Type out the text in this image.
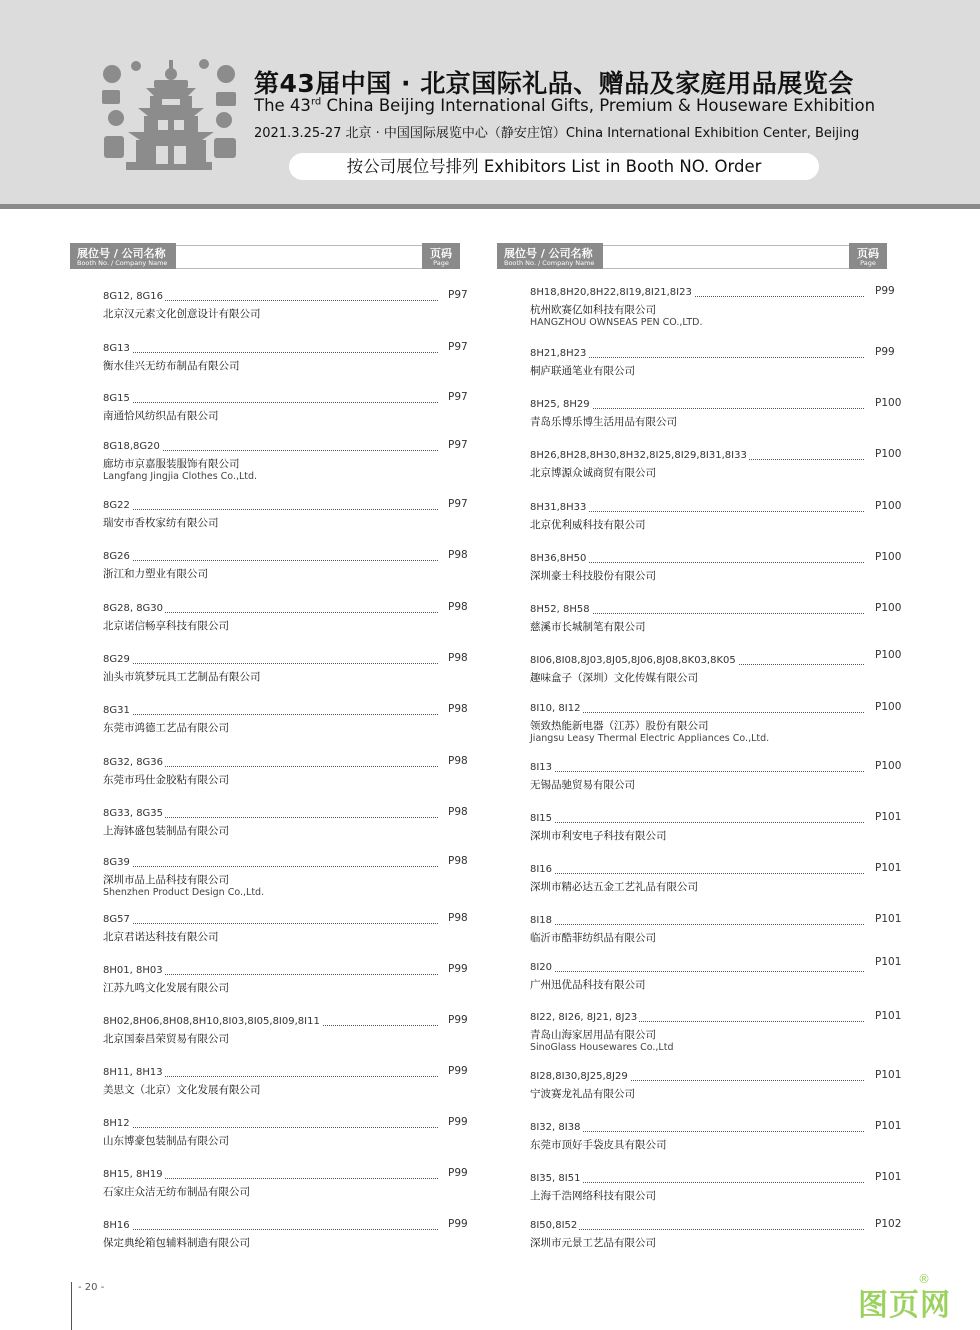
第43届中国 · 北京国际礼品、赠品及家庭用品展览会
The 43rd China Beijing International Gifts, Premium & Houseware Exhibition
2021.3.25-27 北京 · 中国国际展览中心（静安庄馆）China International Exhibition Center, Beijing
按公司展位号排列 Exhibitors List in Booth NO. Order
展位号 / 公司名称
Booth No. / Company Name
页码
Page
展位号 / 公司名称
Booth No. / Company Name
页码
Page
8G12, 8G16	P97
北京汉元素文化创意设计有限公司
8G13	P97
衡水佳兴无纺布制品有限公司
8G15	P97
南通恰风纺织品有限公司
8G18,8G20	P97
廊坊市京嘉服装服饰有限公司
Langfang Jingjia Clothes Co.,Ltd.
8G22	P97
瑞安市香枚家纺有限公司
8G26	P98
浙江和力塑业有限公司
8G28, 8G30	P98
北京诺信畅享科技有限公司
8G29	P98
汕头市筑梦玩具工艺制品有限公司
8G31	P98
东莞市鸿德工艺品有限公司
8G32, 8G36	P98
东莞市玛仕金胶粘有限公司
8G33, 8G35	P98
上海钵盛包装制品有限公司
8G39	P98
深圳市品上品科技有限公司
Shenzhen Product Design Co.,Ltd.
8G57	P98
北京君诺达科技有限公司
8H01, 8H03	P99
江苏九鸣文化发展有限公司
8H02,8H06,8H08,8H10,8I03,8I05,8I09,8I11	P99
北京国泰昌荣贸易有限公司
8H11, 8H13	P99
美思文（北京）文化发展有限公司
8H12	P99
山东博豪包装制品有限公司
8H15, 8H19	P99
石家庄众洁无纺布制品有限公司
8H16	P99
保定典纶箱包辅料制造有限公司
8H18,8H20,8H22,8I19,8I21,8I23	P99
杭州欧赛亿如科技有限公司
HANGZHOU OWNSEAS PEN CO.,LTD.
8H21,8H23	P99
桐庐联通笔业有限公司
8H25, 8H29	P100
青岛乐博乐博生活用品有限公司
8H26,8H28,8H30,8H32,8I25,8I29,8I31,8I33	P100
北京博源众诚商贸有限公司
8H31,8H33	P100
北京优利威科技有限公司
8H36,8H50	P100
深圳豪士科技股份有限公司
8H52, 8H58	P100
慈溪市长城制笔有限公司
8I06,8I08,8J03,8J05,8J06,8J08,8K03,8K05	P100
趣味盒子（深圳）文化传媒有限公司
8I10, 8I12	P100
领致热能新电器（江苏）股份有限公司
Jiangsu Leasy Thermal Electric Appliances Co.,Ltd.
8I13	P100
无锡品驰贸易有限公司
8I15	P101
深圳市利安电子科技有限公司
8I16	P101
深圳市精必达五金工艺礼品有限公司
8I18	P101
临沂市酷菲纺织品有限公司
8I20	P101
广州迅优品科技有限公司
8I22, 8I26, 8J21, 8J23	P101
青岛山海家居用品有限公司
SinoGlass Housewares Co.,Ltd
8I28,8I30,8J25,8J29	P101
宁波赛龙礼品有限公司
8I32, 8I38	P101
东莞市顶好手袋皮具有限公司
8I35, 8I51	P101
上海千浩网络科技有限公司
8I50,8I52	P102
深圳市元景工艺品有限公司
- 20 -
图页网
®
